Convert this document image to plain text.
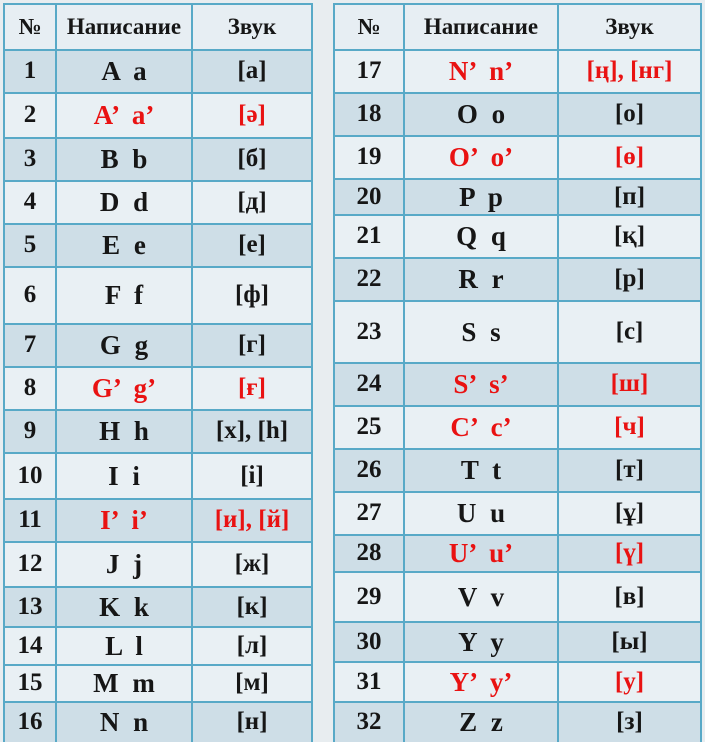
№	Написание	Звук
1	A a	[а]
2	A’ a’	[ә]
3	B b	[б]
4	D d	[д]
5	E e	[е]
6	F f	[ф]
7	G g	[г]
8	G’ g’	[ғ]
9	H h	[х], [h]
10	I i	[і]
11	I’ i’	[и], [й]
12	J j	[ж]
13	K k	[к]
14	L l	[л]
15	M m	[м]
16	N n	[н]
№	Написание	Звук
17	N’ n’	[ң], [нг]
18	O o	[о]
19	O’ o’	[ө]
20	P p	[п]
21	Q q	[қ]
22	R r	[р]
23	S s	[с]
24	S’ s’	[ш]
25	C’ c’	[ч]
26	T t	[т]
27	U u	[ұ]
28	U’ u’	[ү]
29	V v	[в]
30	Y y	[ы]
31	Y’ y’	[у]
32	Z z	[з]
